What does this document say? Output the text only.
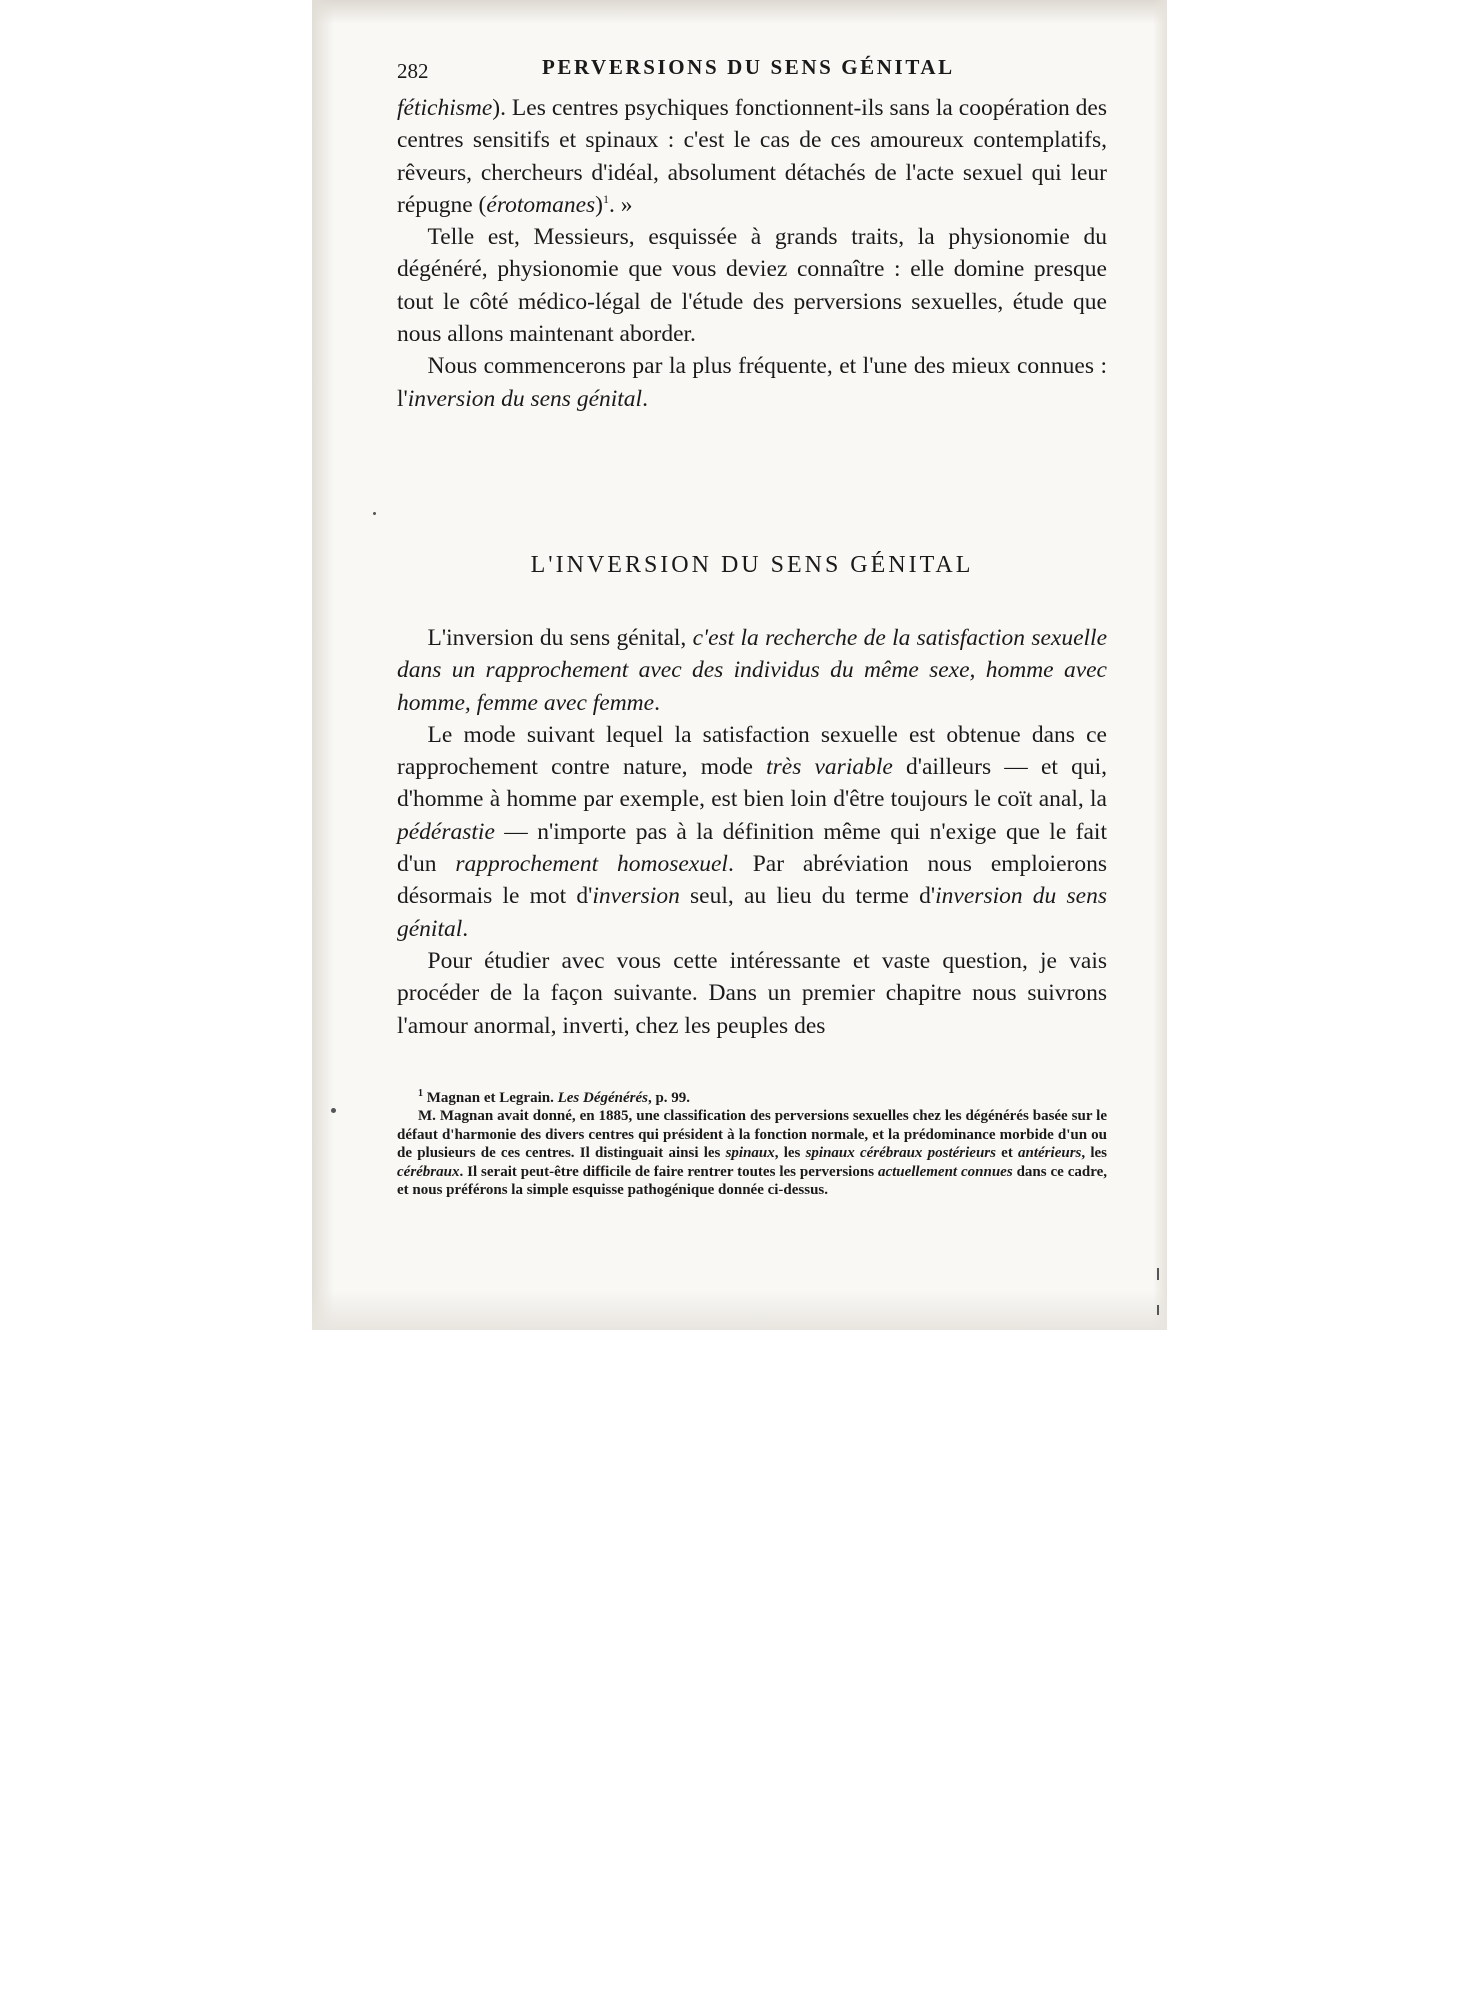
282	PERVERSIONS DU SENS GÉNITAL

fétichisme). Les centres psychiques fonctionnent-ils sans la coopération des centres sensitifs et spinaux : c'est le cas de ces amoureux contemplatifs, rêveurs, chercheurs d'idéal, absolument détachés de l'acte sexuel qui leur répugne (érotomanes)$^1$. »

Telle est, Messieurs, esquissée à grands traits, la physionomie du dégénéré, physionomie que vous deviez connaître : elle domine presque tout le côté médico-légal de l'étude des perversions sexuelles, étude que nous allons maintenant aborder.

Nous commencerons par la plus fréquente, et l'une des mieux connues : l'inversion du sens génital.

L'INVERSION DU SENS GÉNITAL

L'inversion du sens génital, c'est la recherche de la satisfaction sexuelle dans un rapprochement avec des individus du même sexe, homme avec homme, femme avec femme.

Le mode suivant lequel la satisfaction sexuelle est obtenue dans ce rapprochement contre nature, mode très variable d'ailleurs — et qui, d'homme à homme par exemple, est bien loin d'être toujours le coït anal, la pédérastie — n'importe pas à la définition même qui n'exige que le fait d'un rapprochement homosexuel. Par abréviation nous emploierons désormais le mot d'inversion seul, au lieu du terme d'inversion du sens génital.

Pour étudier avec vous cette intéressante et vaste question, je vais procéder de la façon suivante. Dans un premier chapitre nous suivrons l'amour anormal, inverti, chez les peuples des

$^1$ Magnan et Legrain. Les Dégénérés, p. 99.

M. Magnan avait donné, en 1885, une classification des perversions sexuelles chez les dégénérés basée sur le défaut d'harmonie des divers centres qui président à la fonction normale, et la prédominance morbide d'un ou de plusieurs de ces centres. Il distinguait ainsi les spinaux, les spinaux cérébraux postérieurs et antérieurs, les cérébraux. Il serait peut-être difficile de faire rentrer toutes les perversions actuellement connues dans ce cadre, et nous préférons la simple esquisse pathogénique donnée ci-dessus.
